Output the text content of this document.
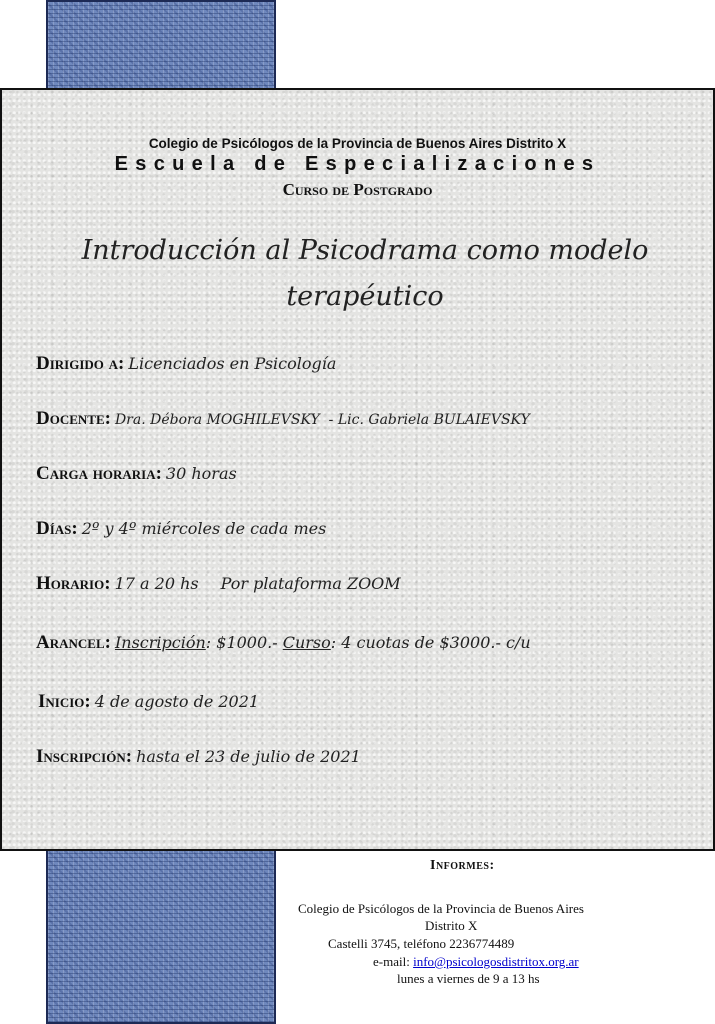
Colegio de Psicólogos de la Provincia de Buenos Aires Distrito X

Escuela de Especializaciones

Curso de Postgrado

Introducción al Psicodrama como modelo
terapéutico
Dirigido a: Licenciados en Psicología
Docente: Dra. Débora MOGHILEVSKY  - Lic. Gabriela BULAIEVSKY
Carga horaria: 30 horas
Días: 2º y 4º miércoles de cada mes
Horario: 17 a 20 hs Por plataforma ZOOM
Arancel: Inscripción: $1000.- Curso: 4 cuotas de $3000.- c/u
Inicio: 4 de agosto de 2021
Inscripción: hasta el 23 de julio de 2021

Informes:

Colegio de Psicólogos de la Provincia de Buenos Aires

Distrito X

Castelli 3745, teléfono 2236774489

e-mail: info@psicologosdistritox.org.ar

lunes a viernes de 9 a 13 hs
